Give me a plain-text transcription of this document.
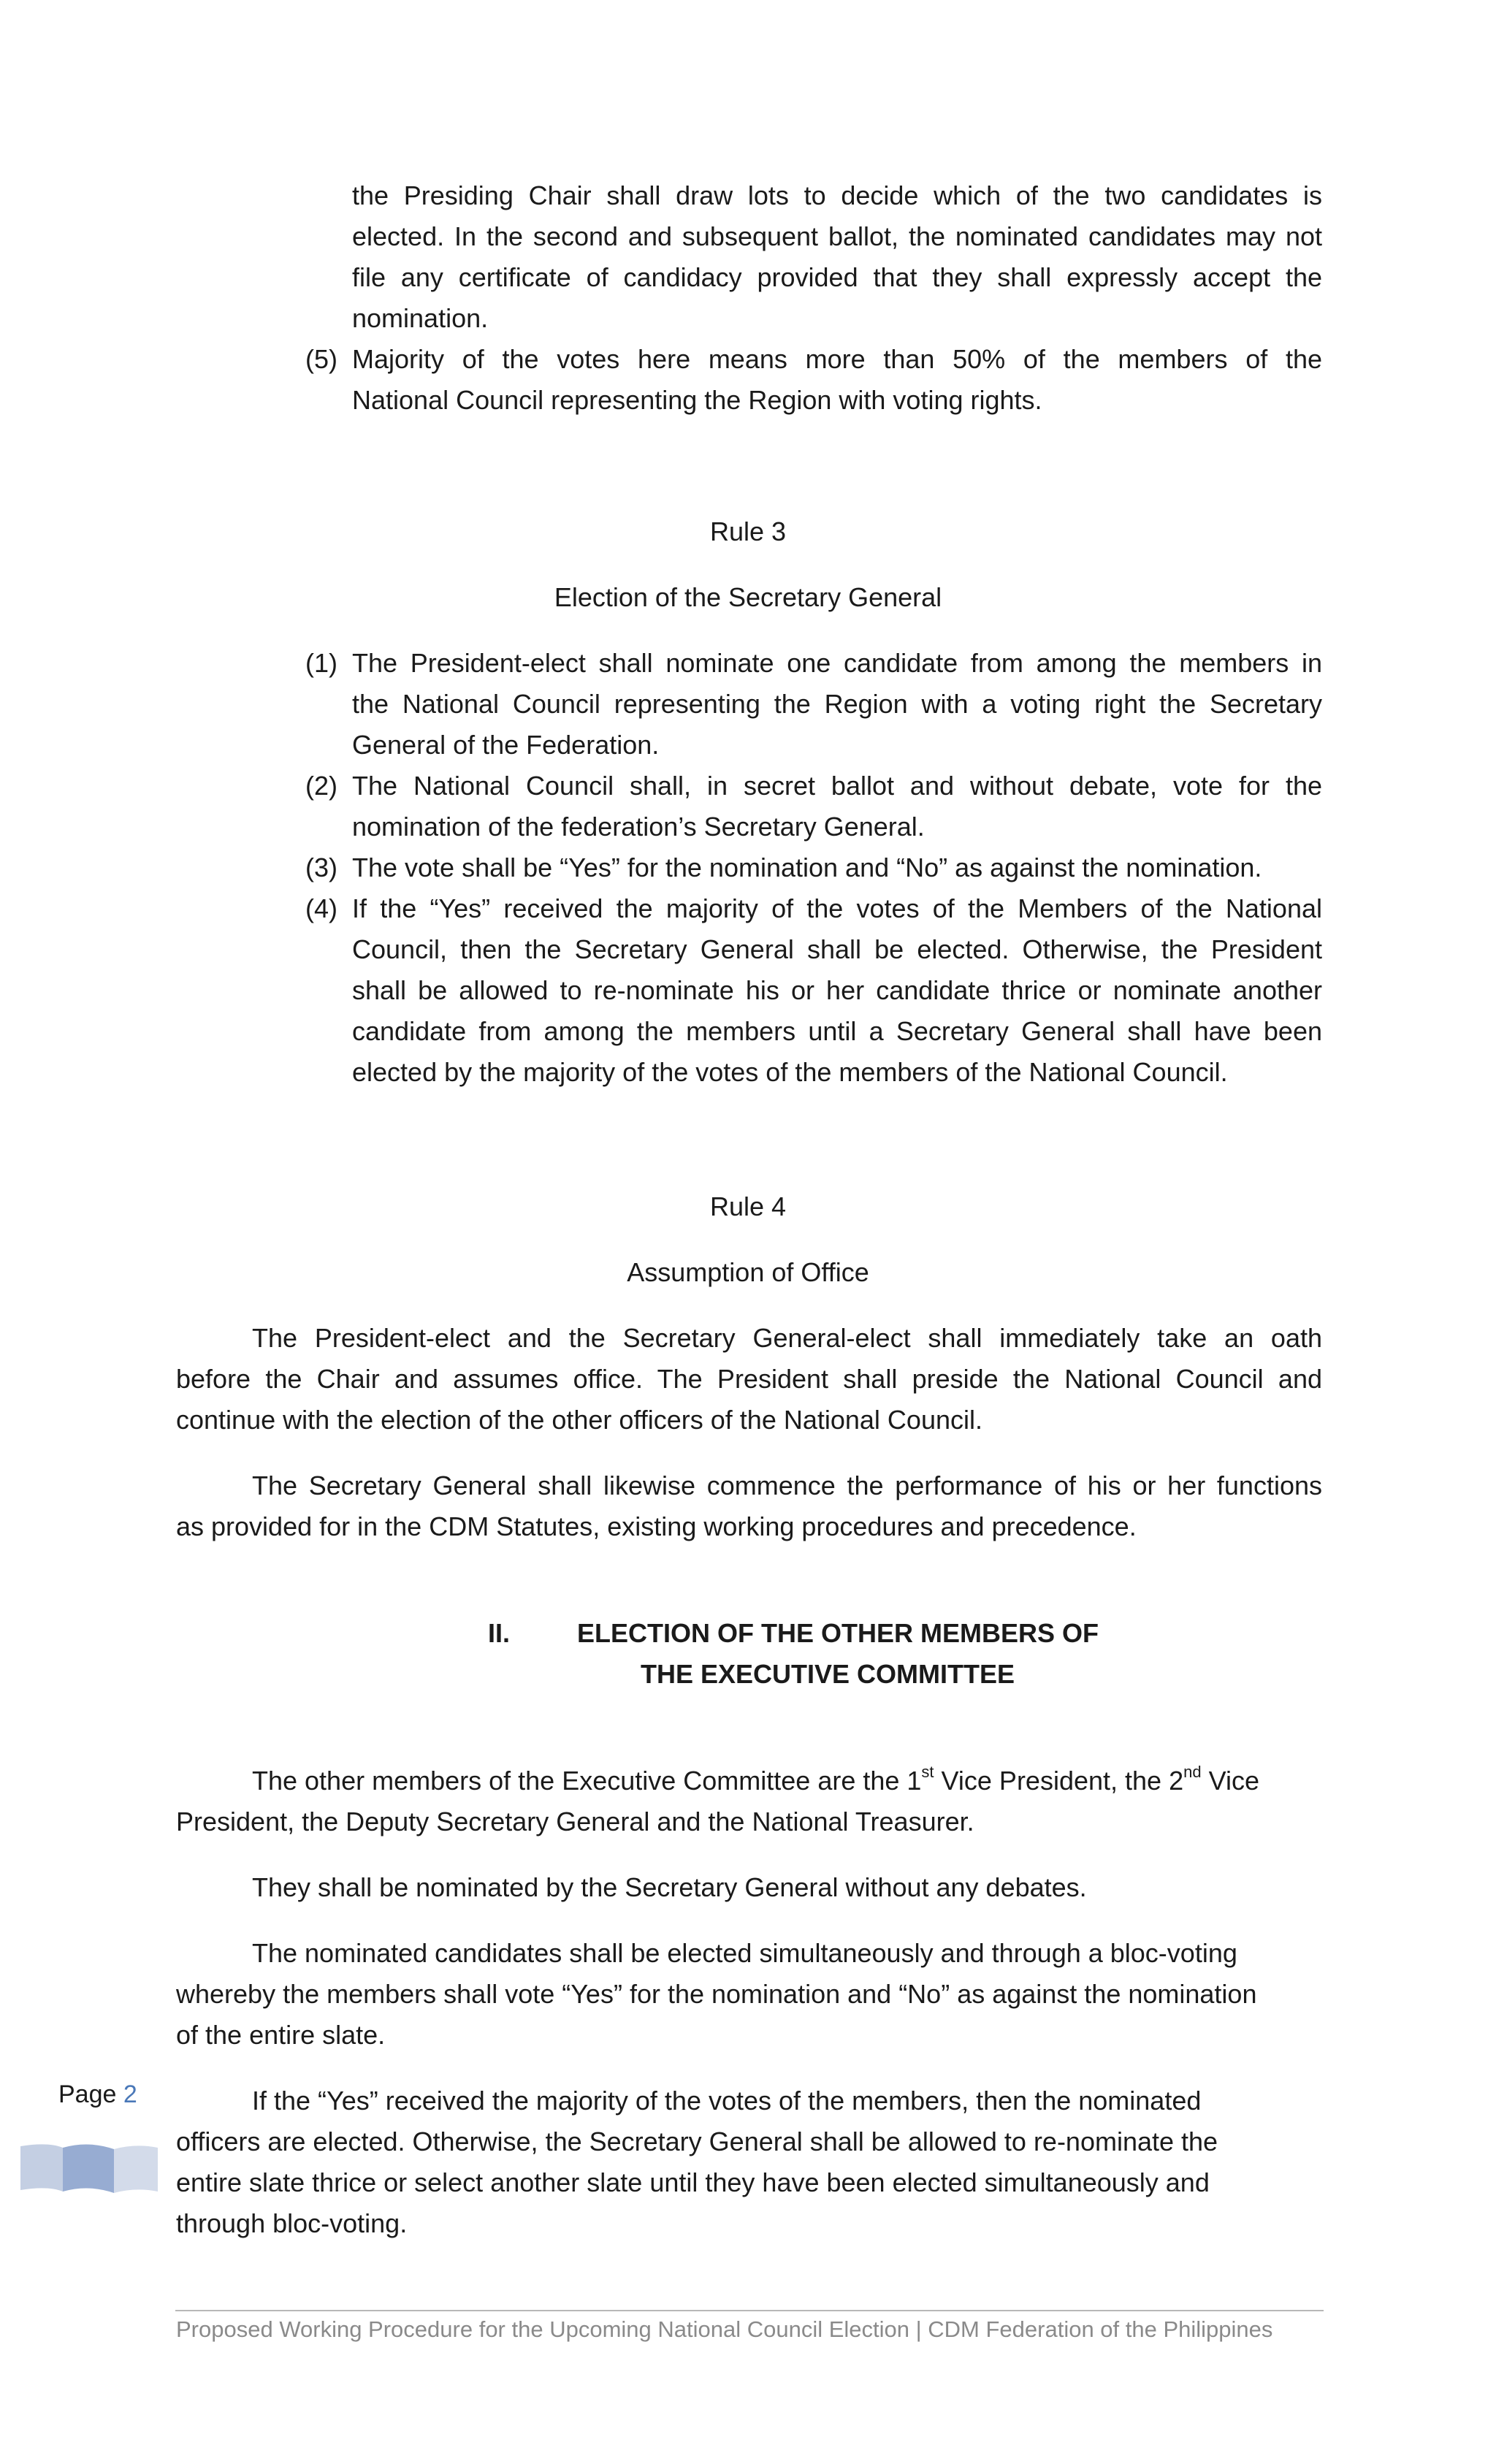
the Presiding Chair shall draw lots to decide which of the two candidates is
elected. In the second and subsequent ballot, the nominated candidates may not
file any certificate of candidacy provided that they shall expressly accept the
nomination.
(5) Majority of the votes here means more than 50% of the members of the
National Council representing the Region with voting rights.
Rule 3
Election of the Secretary General
(1) The President-elect shall nominate one candidate from among the members in
the National Council representing the Region with a voting right the Secretary
General of the Federation.
(2) The National Council shall, in secret ballot and without debate, vote for the
nomination of the federation’s Secretary General.
(3) The vote shall be “Yes” for the nomination and “No” as against the nomination.
(4) If the “Yes” received the majority of the votes of the Members of the National
Council, then the Secretary General shall be elected. Otherwise, the President
shall be allowed to re-nominate his or her candidate thrice or nominate another
candidate from among the members until a Secretary General shall have been
elected by the majority of the votes of the members of the National Council.
Rule 4
Assumption of Office
The President-elect and the Secretary General-elect shall immediately take an oath
before the Chair and assumes office. The President shall preside the National Council and
continue with the election of the other officers of the National Council.
The Secretary General shall likewise commence the performance of his or her functions
as provided for in the CDM Statutes, existing working procedures and precedence.
II.	ELECTION OF THE OTHER MEMBERS OF
THE EXECUTIVE COMMITTEE
The other members of the Executive Committee are the 1st Vice President, the 2nd Vice
President, the Deputy Secretary General and the National Treasurer.
They shall be nominated by the Secretary General without any debates.
The nominated candidates shall be elected simultaneously and through a bloc-voting
whereby the members shall vote “Yes” for the nomination and “No” as against the nomination
of the entire slate.
If the “Yes” received the majority of the votes of the members, then the nominated
officers are elected. Otherwise, the Secretary General shall be allowed to re-nominate the
entire slate thrice or select another slate until they have been elected simultaneously and
through bloc-voting.
Page 2
Proposed Working Procedure for the Upcoming National Council Election | CDM Federation of the Philippines
